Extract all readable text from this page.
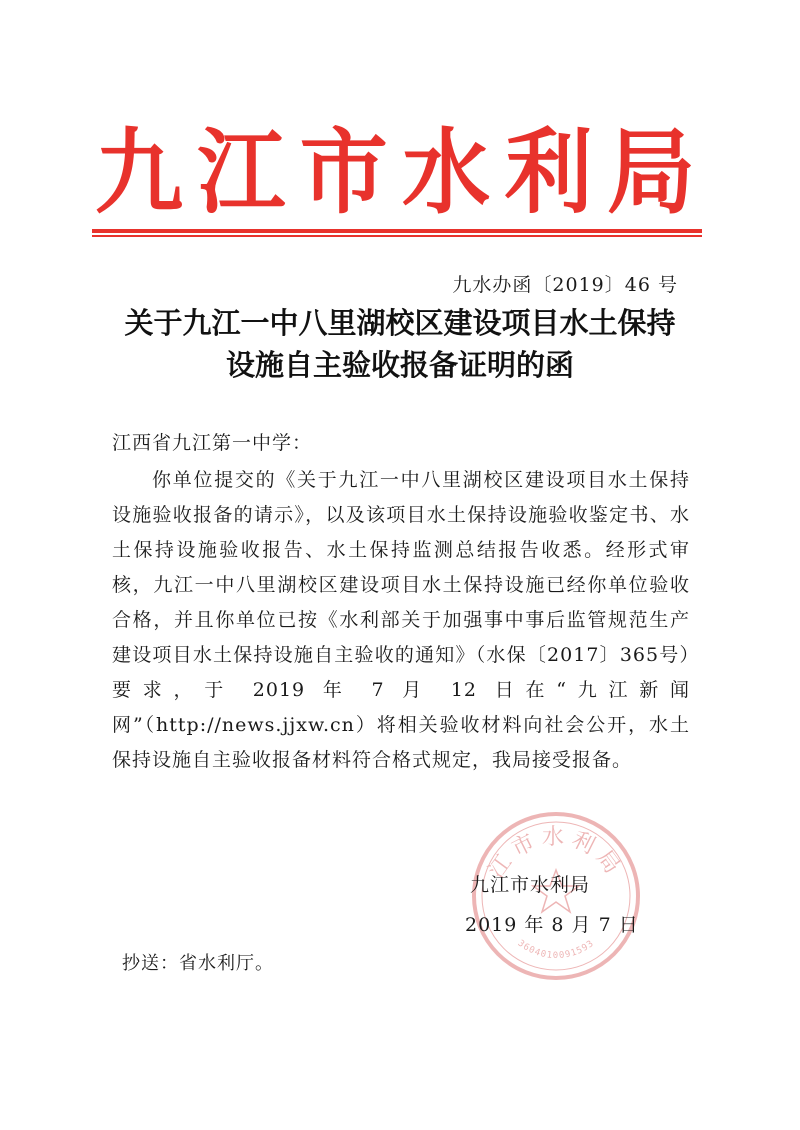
九 江 市 水 利 局
九水办函〔2019〕46 号
关于九江一中八里湖校区建设项目水土保持
设施自主验收报备证明的函
江西省九江第一中学：

你单位提交的《关于九江一中八里湖校区建设项目水土保持设施验收报备的请示》，以及该项目水土保持设施验收鉴定书、水土保持设施验收报告、水土保持监测总结报告收悉。经形式审核，九江一中八里湖校区建设项目水土保持设施已经你单位验收合格，并且你单位已按《水利部关于加强事中事后监管规范生产建设项目水土保持设施自主验收的通知》（水保〔2017〕365号）要求，于 2019 年 7 月 12 日在“九江新闻网”（http://news.jjxw.cn）将相关验收材料向社会公开，水土保持设施自主验收报备材料符合格式规定，我局接受报备。

江市水利局
3604010091593
九江市水利局
2019 年 8 月 7 日
抄送：省水利厅。
